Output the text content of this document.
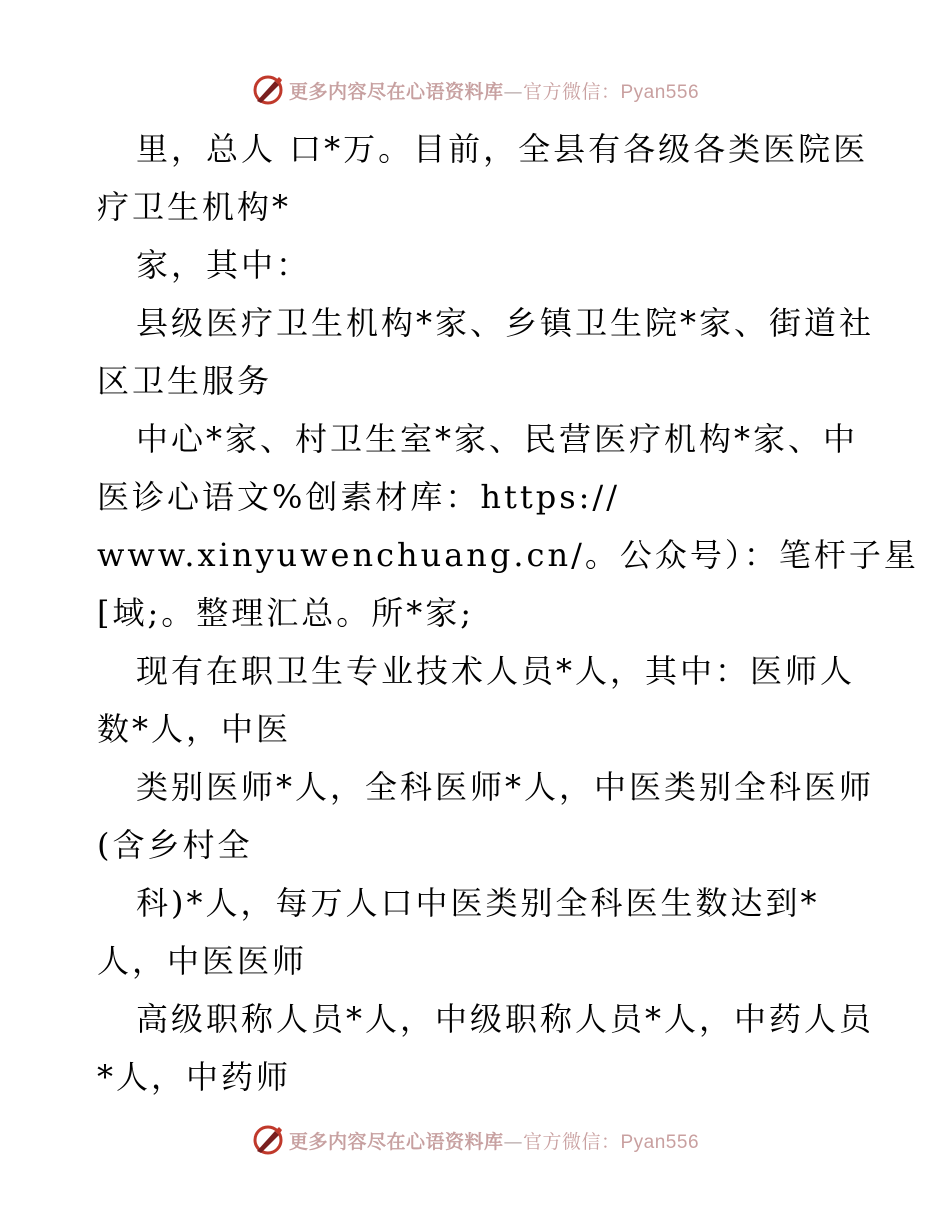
更多内容尽在心语资料库—官方微信：Pyan556
里，总人 口*万。目前，全县有各级各类医院医
疗卫生机构*
家，其中：
县级医疗卫生机构*家、乡镇卫生院*家、街道社
区卫生服务
中心*家、村卫生室*家、民营医疗机构*家、中
医诊心语文%创素材库：https://
www.xinyuwenchuang.cn/。公众号）：笔杆子星
[域;。整理汇总。所*家;
现有在职卫生专业技术人员*人，其中：医师人
数*人，中医
类别医师*人，全科医师*人，中医类别全科医师
(含乡村全
科)*人，每万人口中医类别全科医生数达到*
人，中医医师
高级职称人员*人，中级职称人员*人，中药人员
*人，中药师
更多内容尽在心语资料库—官方微信：Pyan556
